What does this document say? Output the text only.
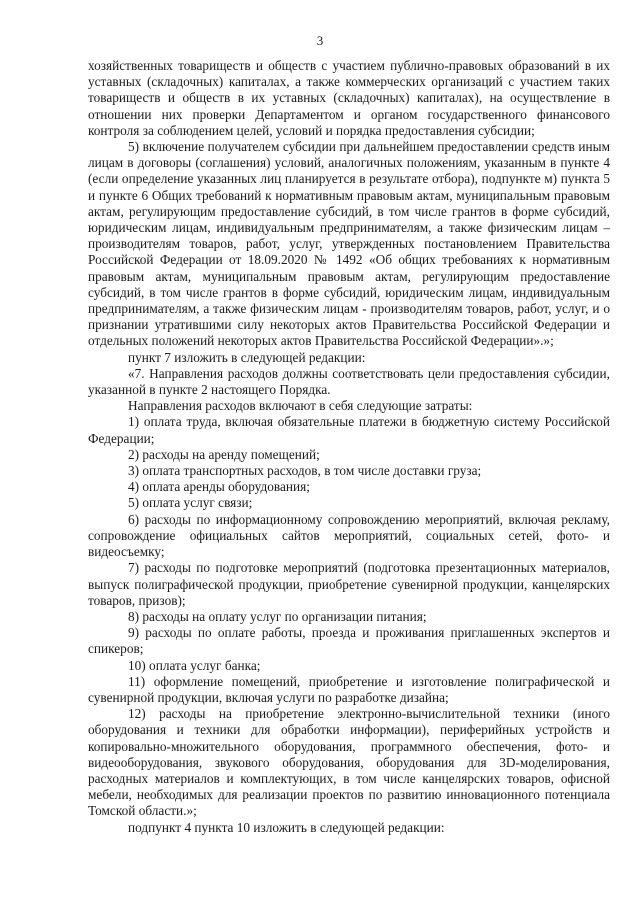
3

хозяйственных товариществ и обществ с участием публично-правовых образований в их уставных (складочных) капиталах, а также коммерческих организаций с участием таких товариществ и обществ в их уставных (складочных) капиталах), на осуществление в отношении них проверки Департаментом и органом государственного финансового контроля за соблюдением целей, условий и порядка предоставления субсидии;

5) включение получателем субсидии при дальнейшем предоставлении средств иным лицам в договоры (соглашения) условий, аналогичных положениям, указанным в пункте 4 (если определение указанных лиц планируется в результате отбора), подпункте м) пункта 5 и пункте 6 Общих требований к нормативным правовым актам, муниципальным правовым актам, регулирующим предоставление субсидий, в том числе грантов в форме субсидий, юридическим лицам, индивидуальным предпринимателям, а также физическим лицам – производителям товаров, работ, услуг, утвержденных постановлением Правительства Российской Федерации от 18.09.2020 № 1492 «Об общих требованиях к нормативным правовым актам, муниципальным правовым актам, регулирующим предоставление субсидий, в том числе грантов в форме субсидий, юридическим лицам, индивидуальным предпринимателям, а также физическим лицам - производителям товаров, работ, услуг, и о признании утратившими силу некоторых актов Правительства Российской Федерации и отдельных положений некоторых актов Правительства Российской Федерации».»;

пункт 7 изложить в следующей редакции:

«7. Направления расходов должны соответствовать цели предоставления субсидии, указанной в пункте 2 настоящего Порядка.

Направления расходов включают в себя следующие затраты:

1) оплата труда, включая обязательные платежи в бюджетную систему Российской Федерации;

2) расходы на аренду помещений;

3) оплата транспортных расходов, в том числе доставки груза;

4) оплата аренды оборудования;

5) оплата услуг связи;

6) расходы по информационному сопровождению мероприятий, включая рекламу, сопровождение официальных сайтов мероприятий, социальных сетей, фото- и видеосъемку;

7) расходы по подготовке мероприятий (подготовка презентационных материалов, выпуск полиграфической продукции, приобретение сувенирной продукции, канцелярских товаров, призов);

8) расходы на оплату услуг по организации питания;

9) расходы по оплате работы, проезда и проживания приглашенных экспертов и спикеров;

10) оплата услуг банка;

11) оформление помещений, приобретение и изготовление полиграфической и сувенирной продукции, включая услуги по разработке дизайна;

12) расходы на приобретение электронно-вычислительной техники (иного оборудования и техники для обработки информации), периферийных устройств и копировально-множительного оборудования, программного обеспечения, фото- и видеооборудования, звукового оборудования, оборудования для 3D-моделирования, расходных материалов и комплектующих, в том числе канцелярских товаров, офисной мебели, необходимых для реализации проектов по развитию инновационного потенциала Томской области.»;

подпункт 4 пункта 10 изложить в следующей редакции:
